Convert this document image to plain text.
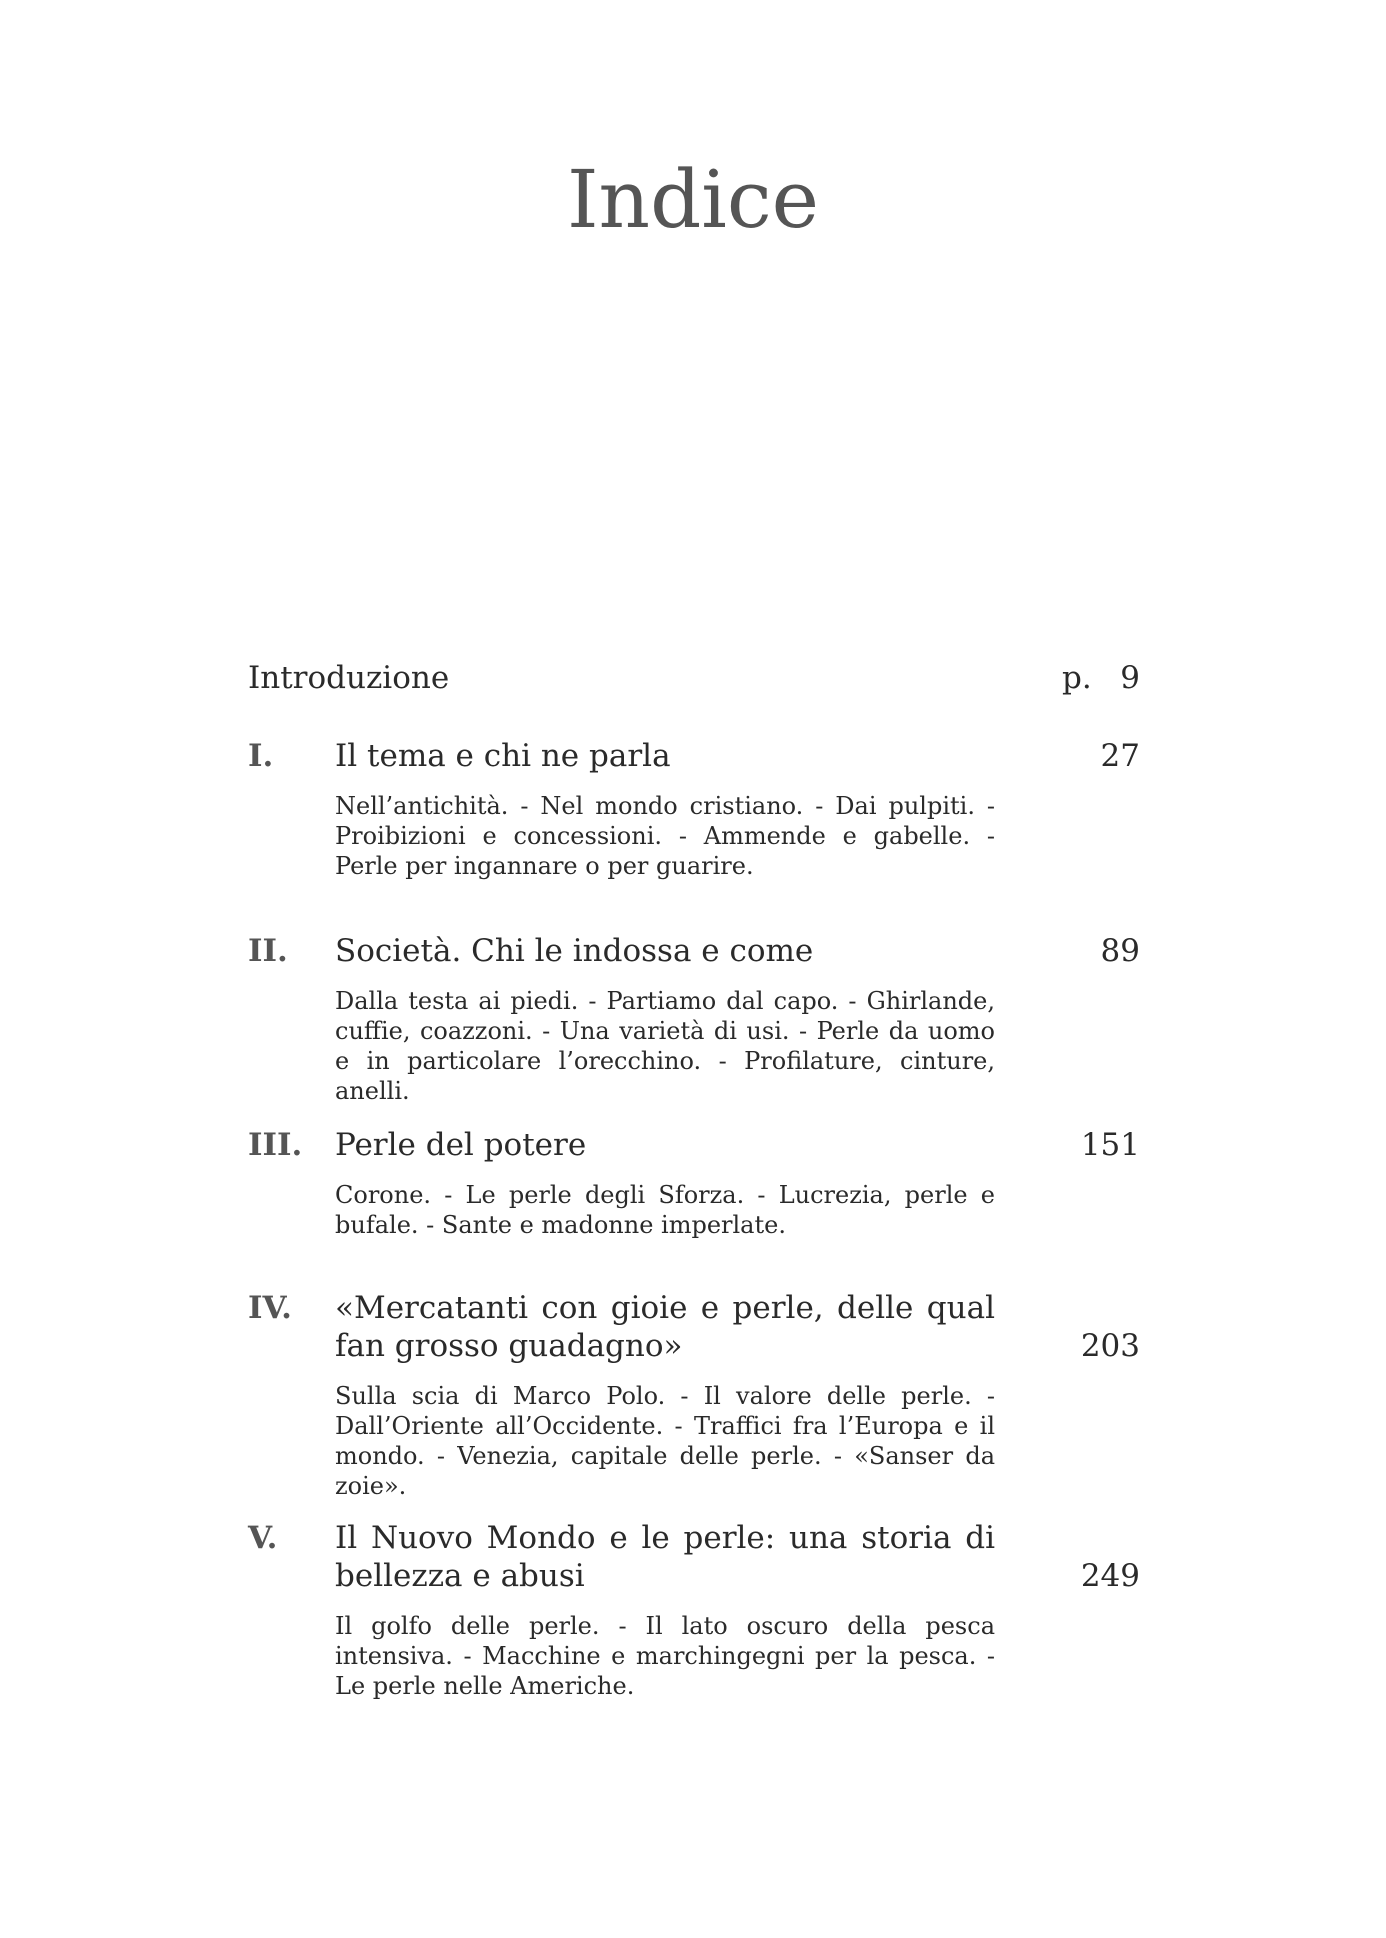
Indice
Introduzione	p. 9
I. Il tema e chi ne parla	27
Nell’antichità. - Nel mondo cristiano. - Dai pulpiti. - Proibizioni e concessioni. - Ammende e gabelle. - Perle per ingannare o per guarire.
II. Società. Chi le indossa e come	89
Dalla testa ai piedi. - Partiamo dal capo. - Ghirlande, cuffie, coazzoni. - Una varietà di usi. - Perle da uomo e in particolare l’orecchino. - Profilature, cinture, anelli.
III. Perle del potere	151
Corone. - Le perle degli Sforza. - Lucrezia, perle e bufale. - Sante e madonne imperlate.
IV. «Mercatanti con gioie e perle, delle qual fan grosso guadagno»	203
Sulla scia di Marco Polo. - Il valore delle perle. - Dall’Oriente all’Occidente. - Traffici fra l’Europa e il mondo. - Venezia, capitale delle perle. - «Sanser da zoie».
V. Il Nuovo Mondo e le perle: una storia di bellezza e abusi	249
Il golfo delle perle. - Il lato oscuro della pesca intensiva. - Macchine e marchingegni per la pesca. - Le perle nelle Americhe.
